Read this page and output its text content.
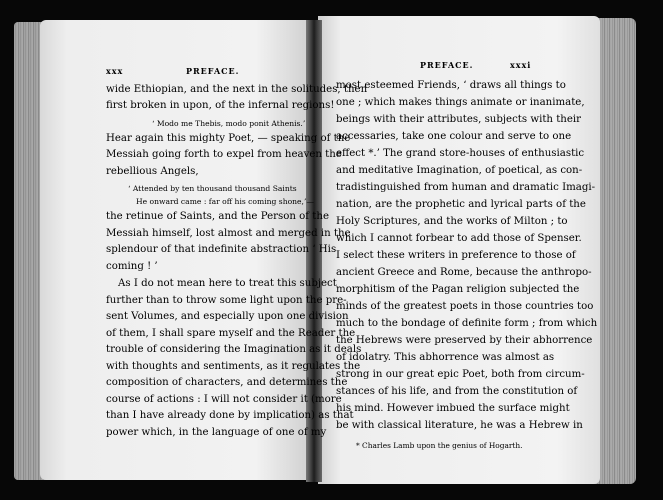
xxx	PREFACE.
wide Ethiopian, and the next in the solitudes, then
first broken in upon, of the infernal regions!
‘ Modo me Thebis, modo ponit Athenis.’
Hear again this mighty Poet, — speaking of the
Messiah going forth to expel from heaven the
rebellious Angels,
‘ Attended by ten thousand thousand Saints
He onward came : far off his coming shone,’—
the retinue of Saints, and the Person of the
Messiah himself, lost almost and merged in the
splendour of that indefinite abstraction ‘ His
coming ! ’
As I do not mean here to treat this subject
further than to throw some light upon the pre-
sent Volumes, and especially upon one division
of them, I shall spare myself and the Reader the
trouble of considering the Imagination as it deals
with thoughts and sentiments, as it regulates the
composition of characters, and determines the
course of actions : I will not consider it (more
than I have already done by implication) as that
power which, in the language of one of my
PREFACE.	xxxi
most esteemed Friends, ‘ draws all things to
one ; which makes things animate or inanimate,
beings with their attributes, subjects with their
accessaries, take one colour and serve to one
effect *.’ The grand store-houses of enthusiastic
and meditative Imagination, of poetical, as con-
tradistinguished from human and dramatic Imagi-
nation, are the prophetic and lyrical parts of the
Holy Scriptures, and the works of Milton ; to
which I cannot forbear to add those of Spenser.
I select these writers in preference to those of
ancient Greece and Rome, because the anthropo-
morphitism of the Pagan religion subjected the
minds of the greatest poets in those countries too
much to the bondage of definite form ; from which
the Hebrews were preserved by their abhorrence
of idolatry. This abhorrence was almost as
strong in our great epic Poet, both from circum-
stances of his life, and from the constitution of
his mind. However imbued the surface might
be with classical literature, he was a Hebrew in
* Charles Lamb upon the genius of Hogarth.
